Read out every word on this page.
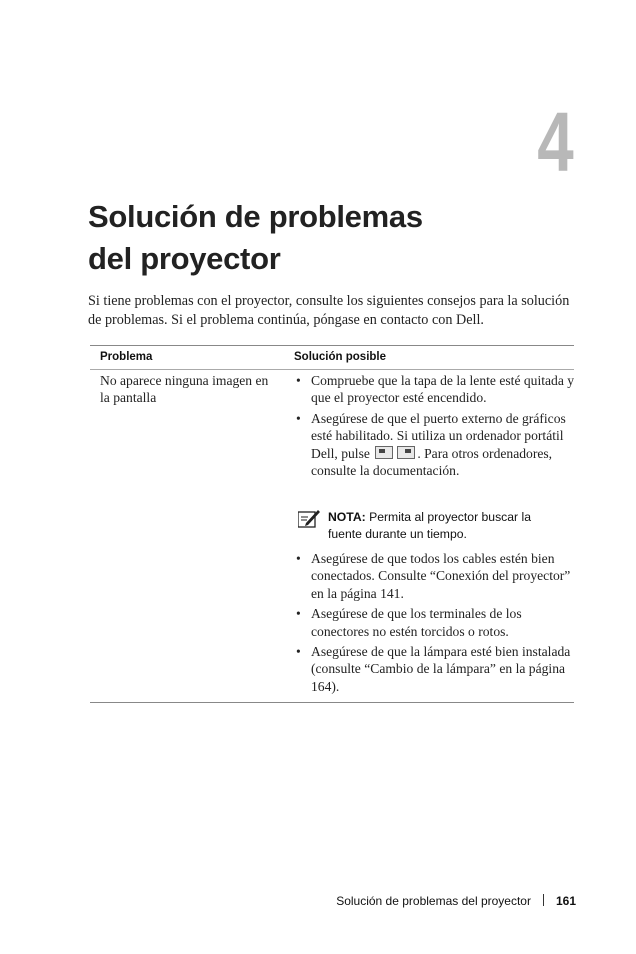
4
Solución de problemas
del proyector

Si tiene problemas con el proyector, consulte los siguientes consejos para la solución de problemas. Si el problema continúa, póngase en contacto con Dell.

Problema	Solución posible

No aparece ninguna imagen en la pantalla

• Compruebe que la tapa de la lente esté quitada y que el proyector esté encendido.
• Asegúrese de que el puerto externo de gráficos esté habilitado. Si utiliza un ordenador portátil Dell, pulse	. Para otros ordenadores, consulte la documentación.

NOTA: Permita al proyector buscar la fuente durante un tiempo.

• Asegúrese de que todos los cables estén bien conectados. Consulte “Conexión del proyector” en la página 141.
• Asegúrese de que los terminales de los conectores no estén torcidos o rotos.
• Asegúrese de que la lámpara esté bien instalada (consulte “Cambio de la lámpara” en la página 164).
Solución de problemas del proyector 161
